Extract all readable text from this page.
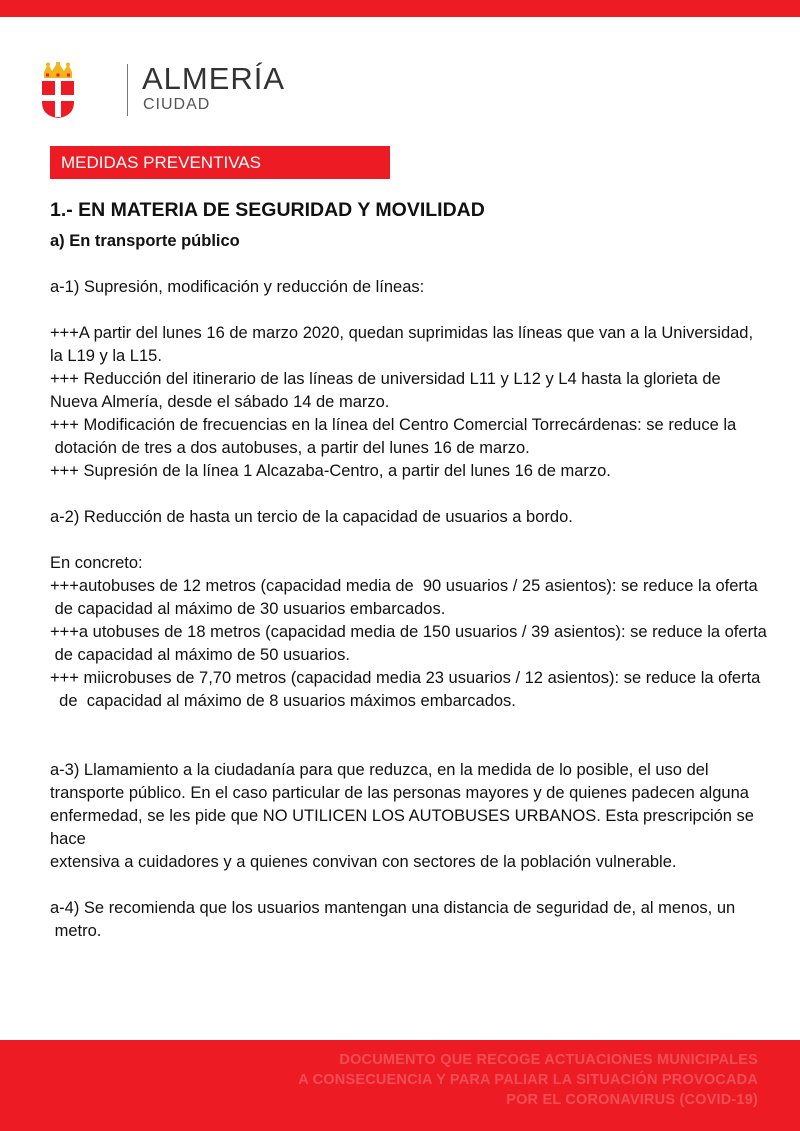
ALMERÍA
CIUDAD
MEDIDAS PREVENTIVAS
1.- EN MATERIA DE SEGURIDAD Y MOVILIDAD

a) En transporte público

a-1) Supresión, modificación y reducción de líneas:

+++A partir del lunes 16 de marzo 2020, quedan suprimidas las líneas que van a la Universidad,

la L19 y la L15.

+++ Reducción del itinerario de las líneas de universidad L11 y L12 y L4 hasta la glorieta de

Nueva Almería, desde el sábado 14 de marzo.

+++ Modificación de frecuencias en la línea del Centro Comercial Torrecárdenas: se reduce la

dotación de tres a dos autobuses, a partir del lunes 16 de marzo.

+++ Supresión de la línea 1 Alcazaba-Centro, a partir del lunes 16 de marzo.

a-2) Reducción de hasta un tercio de la capacidad de usuarios a bordo.

En concreto:

+++autobuses de 12 metros (capacidad media de  90 usuarios / 25 asientos): se reduce la oferta

de capacidad al máximo de 30 usuarios embarcados.

+++a utobuses de 18 metros (capacidad media de 150 usuarios / 39 asientos): se reduce la oferta

de capacidad al máximo de 50 usuarios.

+++ miicrobuses de 7,70 metros (capacidad media 23 usuarios / 12 asientos): se reduce la oferta

de  capacidad al máximo de 8 usuarios máximos embarcados.

a-3) Llamamiento a la ciudadanía para que reduzca, en la medida de lo posible, el uso del

transporte público. En el caso particular de las personas mayores y de quienes padecen alguna

enfermedad, se les pide que NO UTILICEN LOS AUTOBUSES URBANOS. Esta prescripción se hace

extensiva a cuidadores y a quienes convivan con sectores de la población vulnerable.

a-4) Se recomienda que los usuarios mantengan una distancia de seguridad de, al menos, un

metro.

DOCUMENTO QUE RECOGE ACTUACIONES MUNICIPALES
A CONSECUENCIA Y PARA PALIAR LA SITUACIÓN PROVOCADA
POR EL CORONAVIRUS (COVID-19)
